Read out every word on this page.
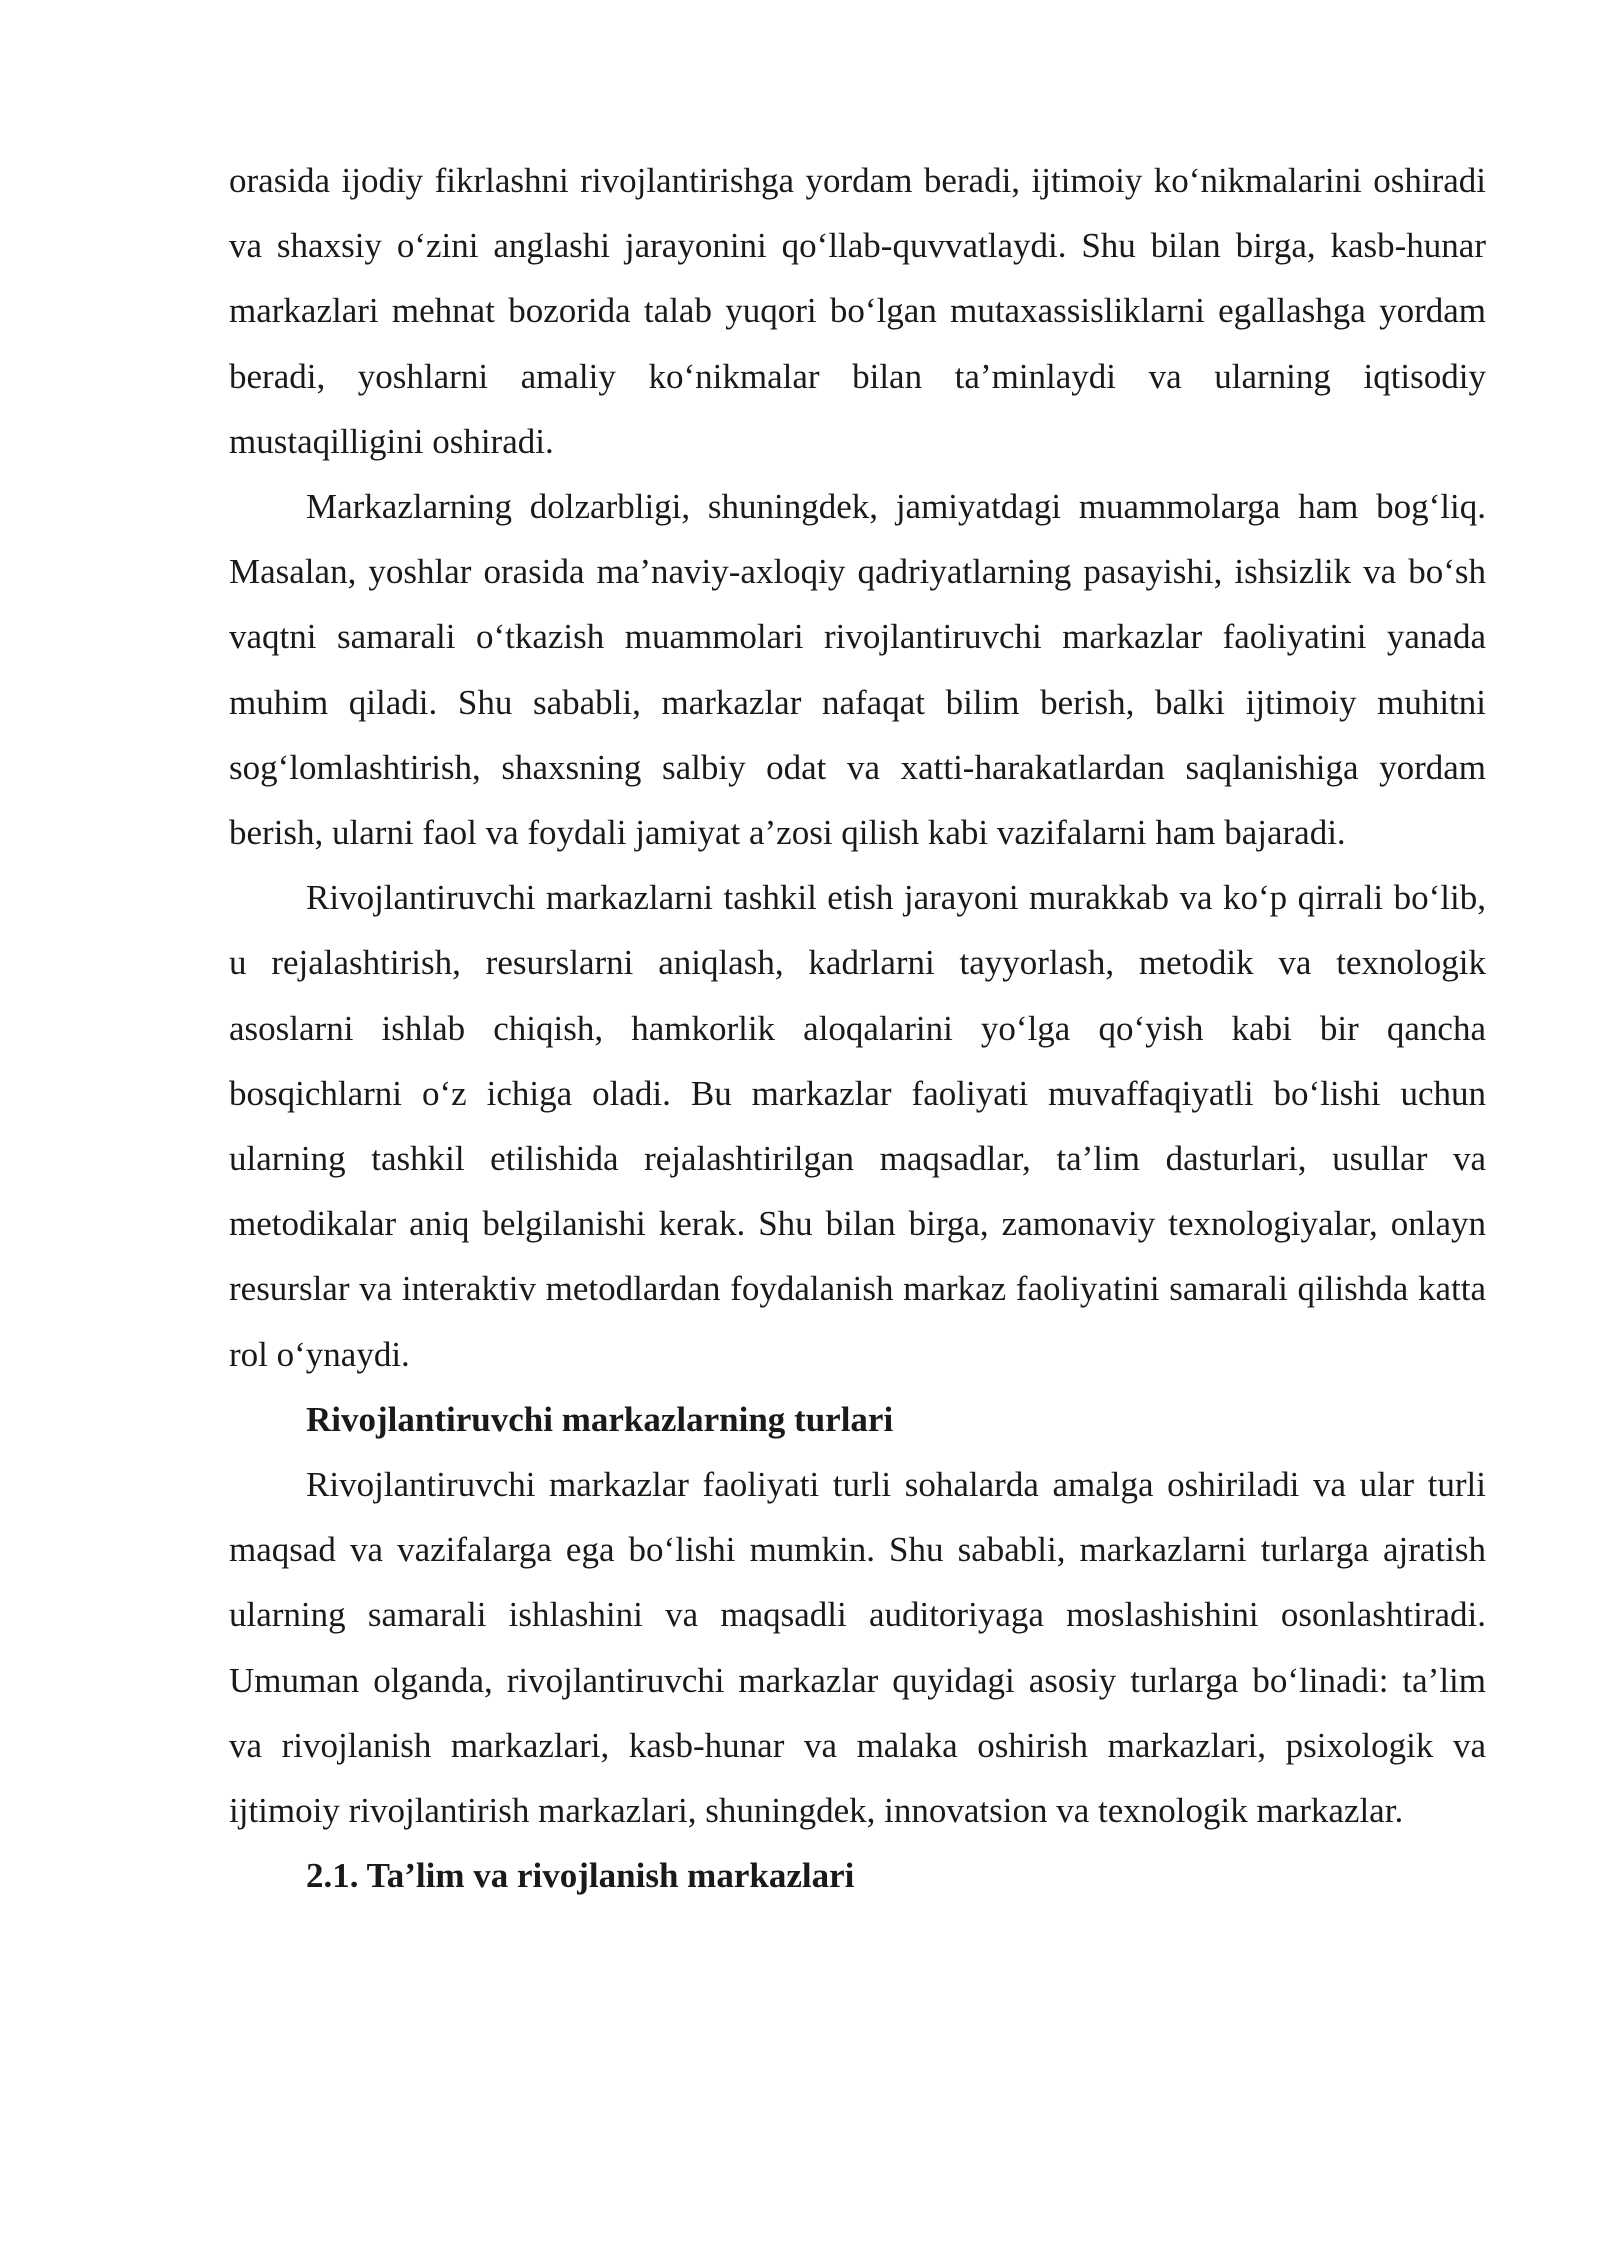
orasida ijodiy fikrlashni rivojlantirishga yordam beradi, ijtimoiy ko‘nikmalarini oshiradi va shaxsiy o‘zini anglashi jarayonini qo‘llab-quvvatlaydi. Shu bilan birga, kasb-hunar markazlari mehnat bozorida talab yuqori bo‘lgan mutaxassisliklarni egallashga yordam beradi, yoshlarni amaliy ko‘nikmalar bilan ta’minlaydi va ularning iqtisodiy mustaqilligini oshiradi.

Markazlarning dolzarbligi, shuningdek, jamiyatdagi muammolarga ham bog‘liq. Masalan, yoshlar orasida ma’naviy-axloqiy qadriyatlarning pasayishi, ishsizlik va bo‘sh vaqtni samarali o‘tkazish muammolari rivojlantiruvchi markazlar faoliyatini yanada muhim qiladi. Shu sababli, markazlar nafaqat bilim berish, balki ijtimoiy muhitni sog‘lomlashtirish, shaxsning salbiy odat va xatti-harakatlardan saqlanishiga yordam berish, ularni faol va foydali jamiyat a’zosi qilish kabi vazifalarni ham bajaradi.

Rivojlantiruvchi markazlarni tashkil etish jarayoni murakkab va ko‘p qirrali bo‘lib, u rejalashtirish, resurslarni aniqlash, kadrlarni tayyorlash, metodik va texnologik asoslarni ishlab chiqish, hamkorlik aloqalarini yo‘lga qo‘yish kabi bir qancha bosqichlarni o‘z ichiga oladi. Bu markazlar faoliyati muvaffaqiyatli bo‘lishi uchun ularning tashkil etilishida rejalashtirilgan maqsadlar, ta’lim dasturlari, usullar va metodikalar aniq belgilanishi kerak. Shu bilan birga, zamonaviy texnologiyalar, onlayn resurslar va interaktiv metodlardan foydalanish markaz faoliyatini samarali qilishda katta rol o‘ynaydi.

Rivojlantiruvchi markazlarning turlari

Rivojlantiruvchi markazlar faoliyati turli sohalarda amalga oshiriladi va ular turli maqsad va vazifalarga ega bo‘lishi mumkin. Shu sababli, markazlarni turlarga ajratish ularning samarali ishlashini va maqsadli auditoriyaga moslashishini osonlashtiradi. Umuman olganda, rivojlantiruvchi markazlar quyidagi asosiy turlarga bo‘linadi: ta’lim va rivojlanish markazlari, kasb-hunar va malaka oshirish markazlari, psixologik va ijtimoiy rivojlantirish markazlari, shuningdek, innovatsion va texnologik markazlar.

2.1. Ta’lim va rivojlanish markazlari
